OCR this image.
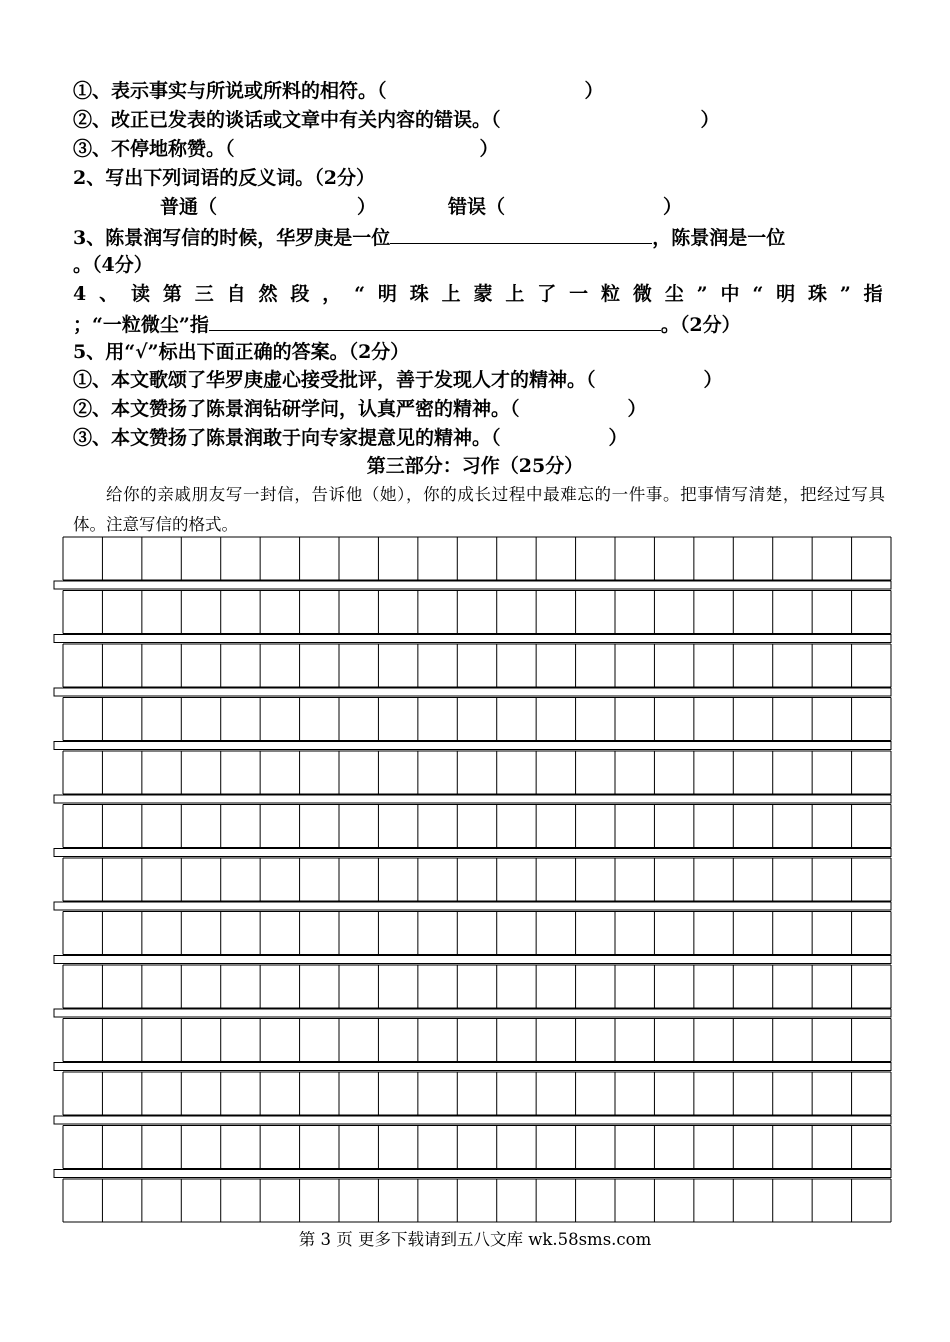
①、表示事实与所说或所料的相符。（	）
②、改正已发表的谈话或文章中有关内容的错误。（	）
③、不停地称赞。（	）
2、写出下列词语的反义词。（2分）
普通（	）	错误（	）
3、陈景润写信的时候，华罗庚是一位	，陈景润是一位
。（4分）
4 、 读 第 三 自 然 段 ， “ 明 珠 上 蒙 上 了 一 粒 微 尘 ” 中 “ 明 珠 ” 指
；“一粒微尘”指	。（2分）
5、用“√”标出下面正确的答案。（2分）
①、本文歌颂了华罗庚虚心接受批评，善于发现人才的精神。（	）
②、本文赞扬了陈景润钻研学问，认真严密的精神。（	）
③、本文赞扬了陈景润敢于向专家提意见的精神。（	）
第三部分：习作（25分）
给你的亲戚朋友写一封信，告诉他（她），你的成长过程中最难忘的一件事。把事情写清楚，把经过写具体。注意写信的格式。
第 3 页 更多下载请到五八文库 wk.58sms.com
